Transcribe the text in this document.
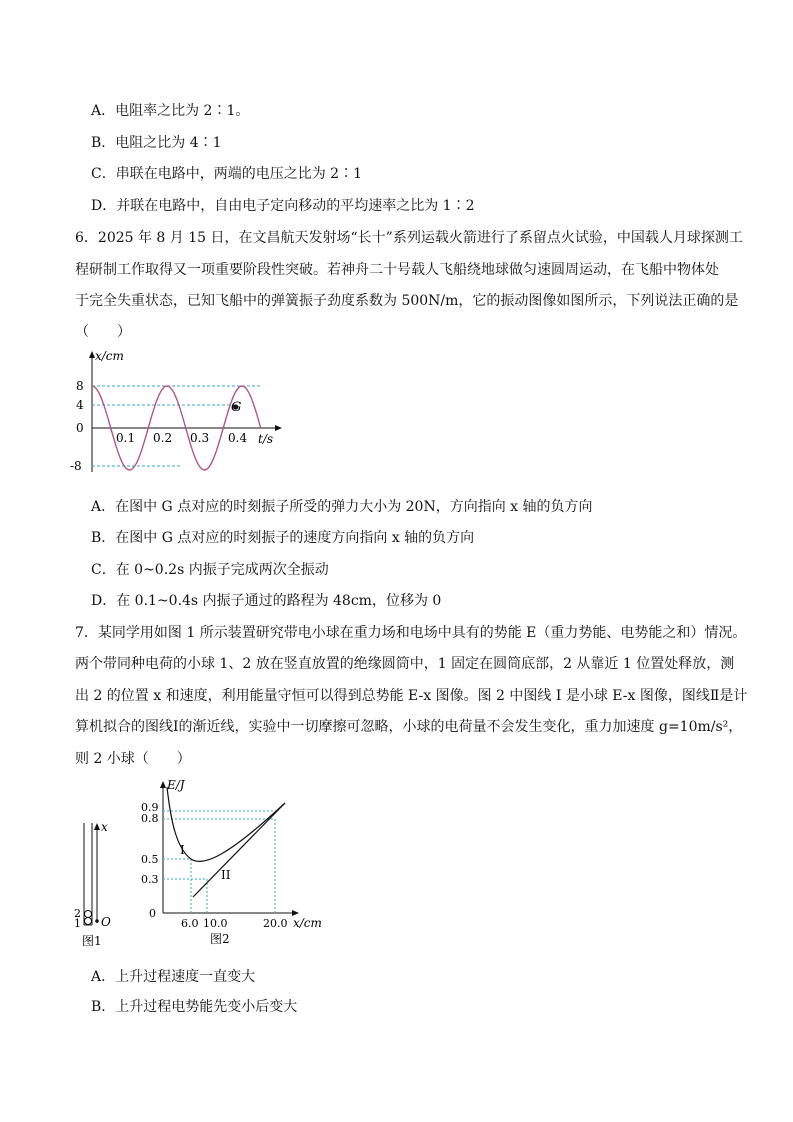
A．电阻率之比为 2∶1。
B．电阻之比为 4∶1
C．串联在电路中，两端的电压之比为 2∶1
D．并联在电路中，自由电子定向移动的平均速率之比为 1∶2
6．2025 年 8 月 15 日，在文昌航天发射场“长十”系列运载火箭进行了系留点火试验，中国载人月球探测工
程研制工作取得又一项重要阶段性突破。若神舟二十号载人飞船绕地球做匀速圆周运动，在飞船中物体处
于完全失重状态，已知飞船中的弹簧振子劲度系数为 500N/m，它的振动图像如图所示，下列说法正确的是
（　　）
G
x/cm
t/s
8
4
0
-8
0.1 0.2 0.3 0.4
A．在图中 G 点对应的时刻振子所受的弹力大小为 20N，方向指向 x 轴的负方向
B．在图中 G 点对应的时刻振子的速度方向指向 x 轴的负方向
C．在 0~0.2s 内振子完成两次全振动
D．在 0.1~0.4s 内振子通过的路程为 48cm，位移为 0
7．某同学用如图 1 所示装置研究带电小球在重力场和电场中具有的势能 E（重力势能、电势能之和）情况。
两个带同种电荷的小球 1、2 放在竖直放置的绝缘圆筒中，1 固定在圆筒底部，2 从靠近 1 位置处释放，测
出 2 的位置 x 和速度，利用能量守恒可以得到总势能 E-x 图像。图 2 中图线 I 是小球 E-x 图像，图线Ⅱ是计
算机拟合的图线Ⅰ的渐近线，实验中一切摩擦可忽略，小球的电荷量不会发生变化，重力加速度 g=10m/s²，
则 2 小球（　　）
x
2
1 O
图1
E/J
x/cm
0.9
0.8
0.5
0.3
0
6.0 10.0	20.0
I
II
图2
A．上升过程速度一直变大
B．上升过程电势能先变小后变大
